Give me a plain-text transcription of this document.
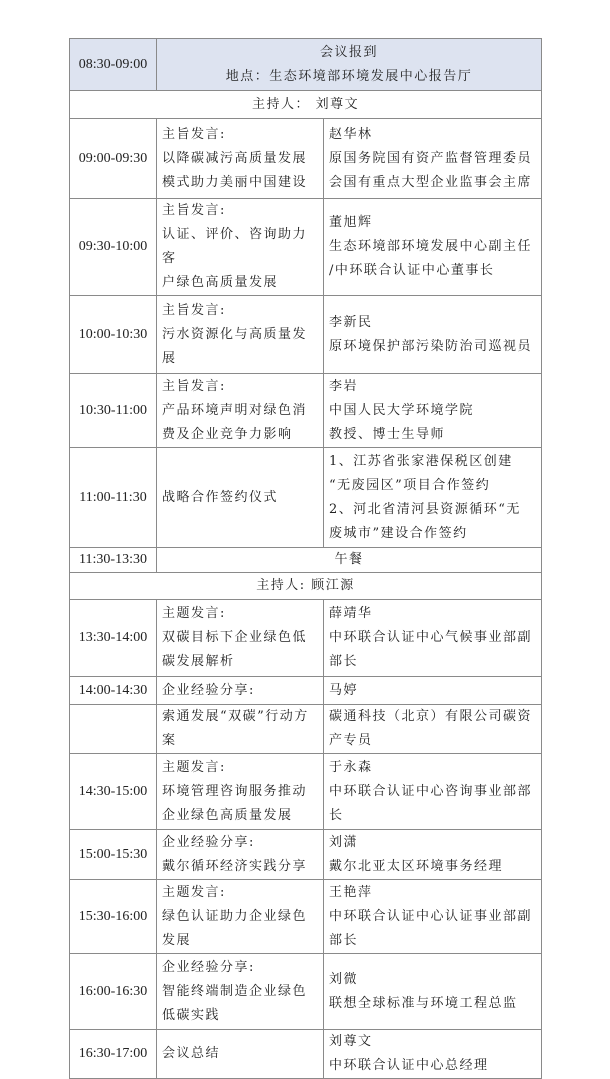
08:30-09:00	会议报到
地点：生态环境部环境发展中心报告厅	
主持人： 刘尊文		
09:00-09:30	主旨发言:
以降碳减污高质量发展
模式助力美丽中国建设	赵华林
原国务院国有资产监督管理委员
会国有重点大型企业监事会主席
09:30-10:00	主旨发言:
认证、评价、咨询助力客
户绿色高质量发展	董旭辉
生态环境部环境发展中心副主任
/中环联合认证中心董事长
10:00-10:30	主旨发言:
污水资源化与高质量发
展	李新民
原环境保护部污染防治司巡视员
10:30-11:00	主旨发言:
产品环境声明对绿色消
费及企业竞争力影响	李岩
中国人民大学环境学院
教授、博士生导师
11:00-11:30	战略合作签约仪式	1、江苏省张家港保税区创建
“无废园区”项目合作签约
2、河北省清河县资源循环“无
废城市”建设合作签约
11:30-13:30	午餐	
主持人: 顾江源		
13:30-14:00	主题发言:
双碳目标下企业绿色低
碳发展解析	薛靖华
中环联合认证中心气候事业部副
部长
14:00-14:30	企业经验分享:	马婷
	索通发展“双碳”行动方
案	碳通科技（北京）有限公司碳资
产专员
14:30-15:00	主题发言:
环境管理咨询服务推动
企业绿色高质量发展	于永森
中环联合认证中心咨询事业部部
长
15:00-15:30	企业经验分享:
戴尔循环经济实践分享	刘潇
戴尔北亚太区环境事务经理
15:30-16:00	主题发言:
绿色认证助力企业绿色
发展	王艳萍
中环联合认证中心认证事业部副
部长
16:00-16:30	企业经验分享:
智能终端制造企业绿色
低碳实践	刘微
联想全球标准与环境工程总监
16:30-17:00	会议总结	刘尊文
中环联合认证中心总经理
